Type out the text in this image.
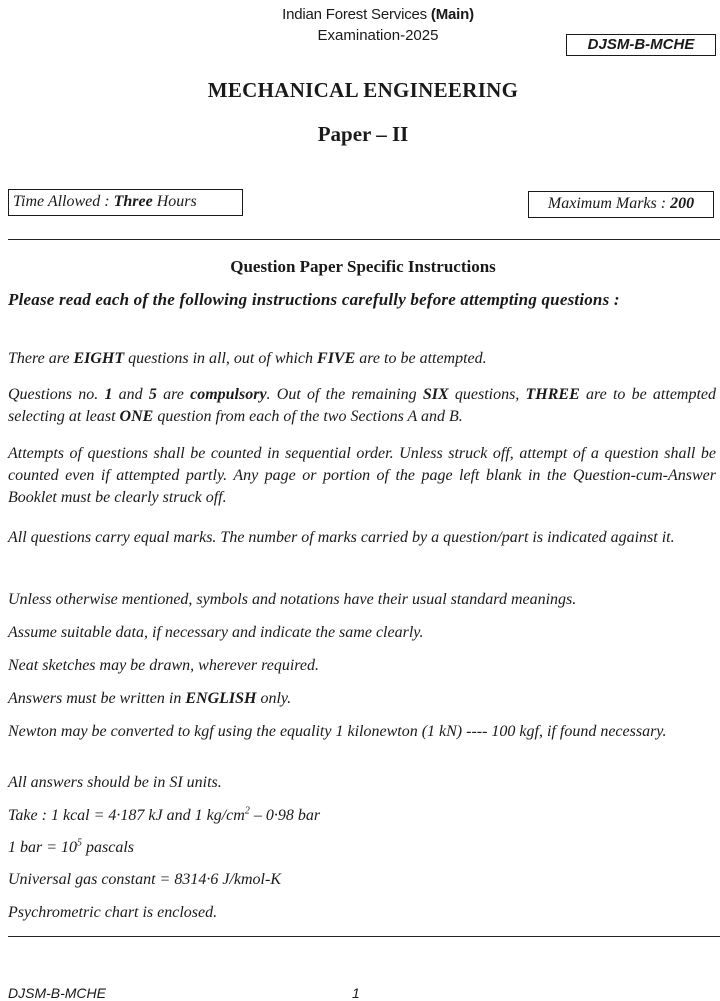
Indian Forest Services (Main)
Examination-2025
DJSM-B-MCHE
MECHANICAL ENGINEERING
Paper – II
Time Allowed : Three Hours	Maximum Marks : 200
Question Paper Specific Instructions

Please read each of the following instructions carefully before attempting questions :

There are EIGHT questions in all, out of which FIVE are to be attempted.

Questions no. 1 and 5 are compulsory. Out of the remaining SIX questions, THREE are to be attempted selecting at least ONE question from each of the two Sections A and B.

Attempts of questions shall be counted in sequential order. Unless struck off, attempt of a question shall be counted even if attempted partly. Any page or portion of the page left blank in the Question-cum-Answer Booklet must be clearly struck off.

All questions carry equal marks. The number of marks carried by a question/part is indicated against it.

Unless otherwise mentioned, symbols and notations have their usual standard meanings.

Assume suitable data, if necessary and indicate the same clearly.

Neat sketches may be drawn, wherever required.

Answers must be written in ENGLISH only.

Newton may be converted to kgf using the equality 1 kilonewton (1 kN) ---- 100 kgf, if found necessary.

All answers should be in SI units.

Take : 1 kcal = 4·187 kJ and 1 $kg/cm^2 - 0\cdot 98$ bar

1 bar = $10^5$ pascals

Universal gas constant = 8314·6 J/kmol-K

Psychrometric chart is enclosed.

DJSM-B-MCHE	1
